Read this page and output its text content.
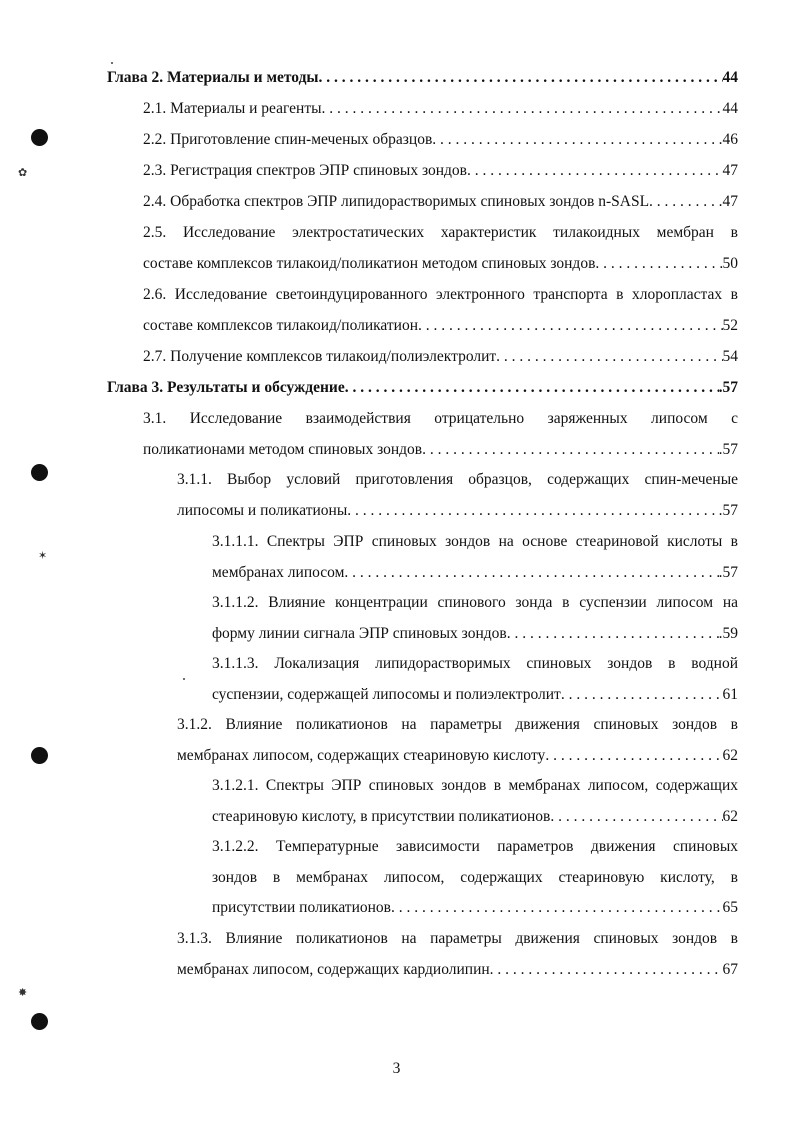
Глава 2. Материалы и методы . . .	44
2.1. Материалы и реагенты . . .	44
2.2. Приготовление спин-меченых образцов . . .	.46
2.3. Регистрация спектров ЭПР спиновых зондов . . .	47
2.4. Обработка спектров ЭПР липидорастворимых спиновых зондов n-SASL . . .	.47
2.5. Исследование электростатических характеристик тилакоидных мембран в
составе комплексов тилакоид/поликатион методом спиновых зондов . . .	50
2.6. Исследование светоиндуцированного электронного транспорта в хлоропластах в
составе комплексов тилакоид/поликатион . . .	52
2.7. Получение комплексов тилакоид/полиэлектролит . . .	54
Глава 3. Результаты и обсуждение . . .	.57
3.1. Исследование взаимодействия отрицательно заряженных липосом с
поликатионами методом спиновых зондов . . .	.57
3.1.1. Выбор условий приготовления образцов, содержащих спин-меченые
липосомы и поликатионы . . .	.57
3.1.1.1. Спектры ЭПР спиновых зондов на основе стеариновой кислоты в
мембранах липосом . . .	.57
3.1.1.2. Влияние концентрации спинового зонда в суспензии липосом на
форму линии сигнала ЭПР спиновых зондов . . .	.59
3.1.1.3. Локализация липидорастворимых спиновых зондов в водной
суспензии, содержащей липосомы и полиэлектролит . . .	61
3.1.2. Влияние поликатионов на параметры движения спиновых зондов в
мембранах липосом, содержащих стеариновую кислоту . . .	62
3.1.2.1. Спектры ЭПР спиновых зондов в мембранах липосом, содержащих
стеариновую кислоту, в присутствии поликатионов . . .	62
3.1.2.2. Температурные зависимости параметров движения спиновых
зондов в мембранах липосом, содержащих стеариновую кислоту, в
присутствии поликатионов . . .	65
3.1.3. Влияние поликатионов на параметры движения спиновых зондов в
мембранах липосом, содержащих кардиолипин . . .	67
✿
✶
✸
3
